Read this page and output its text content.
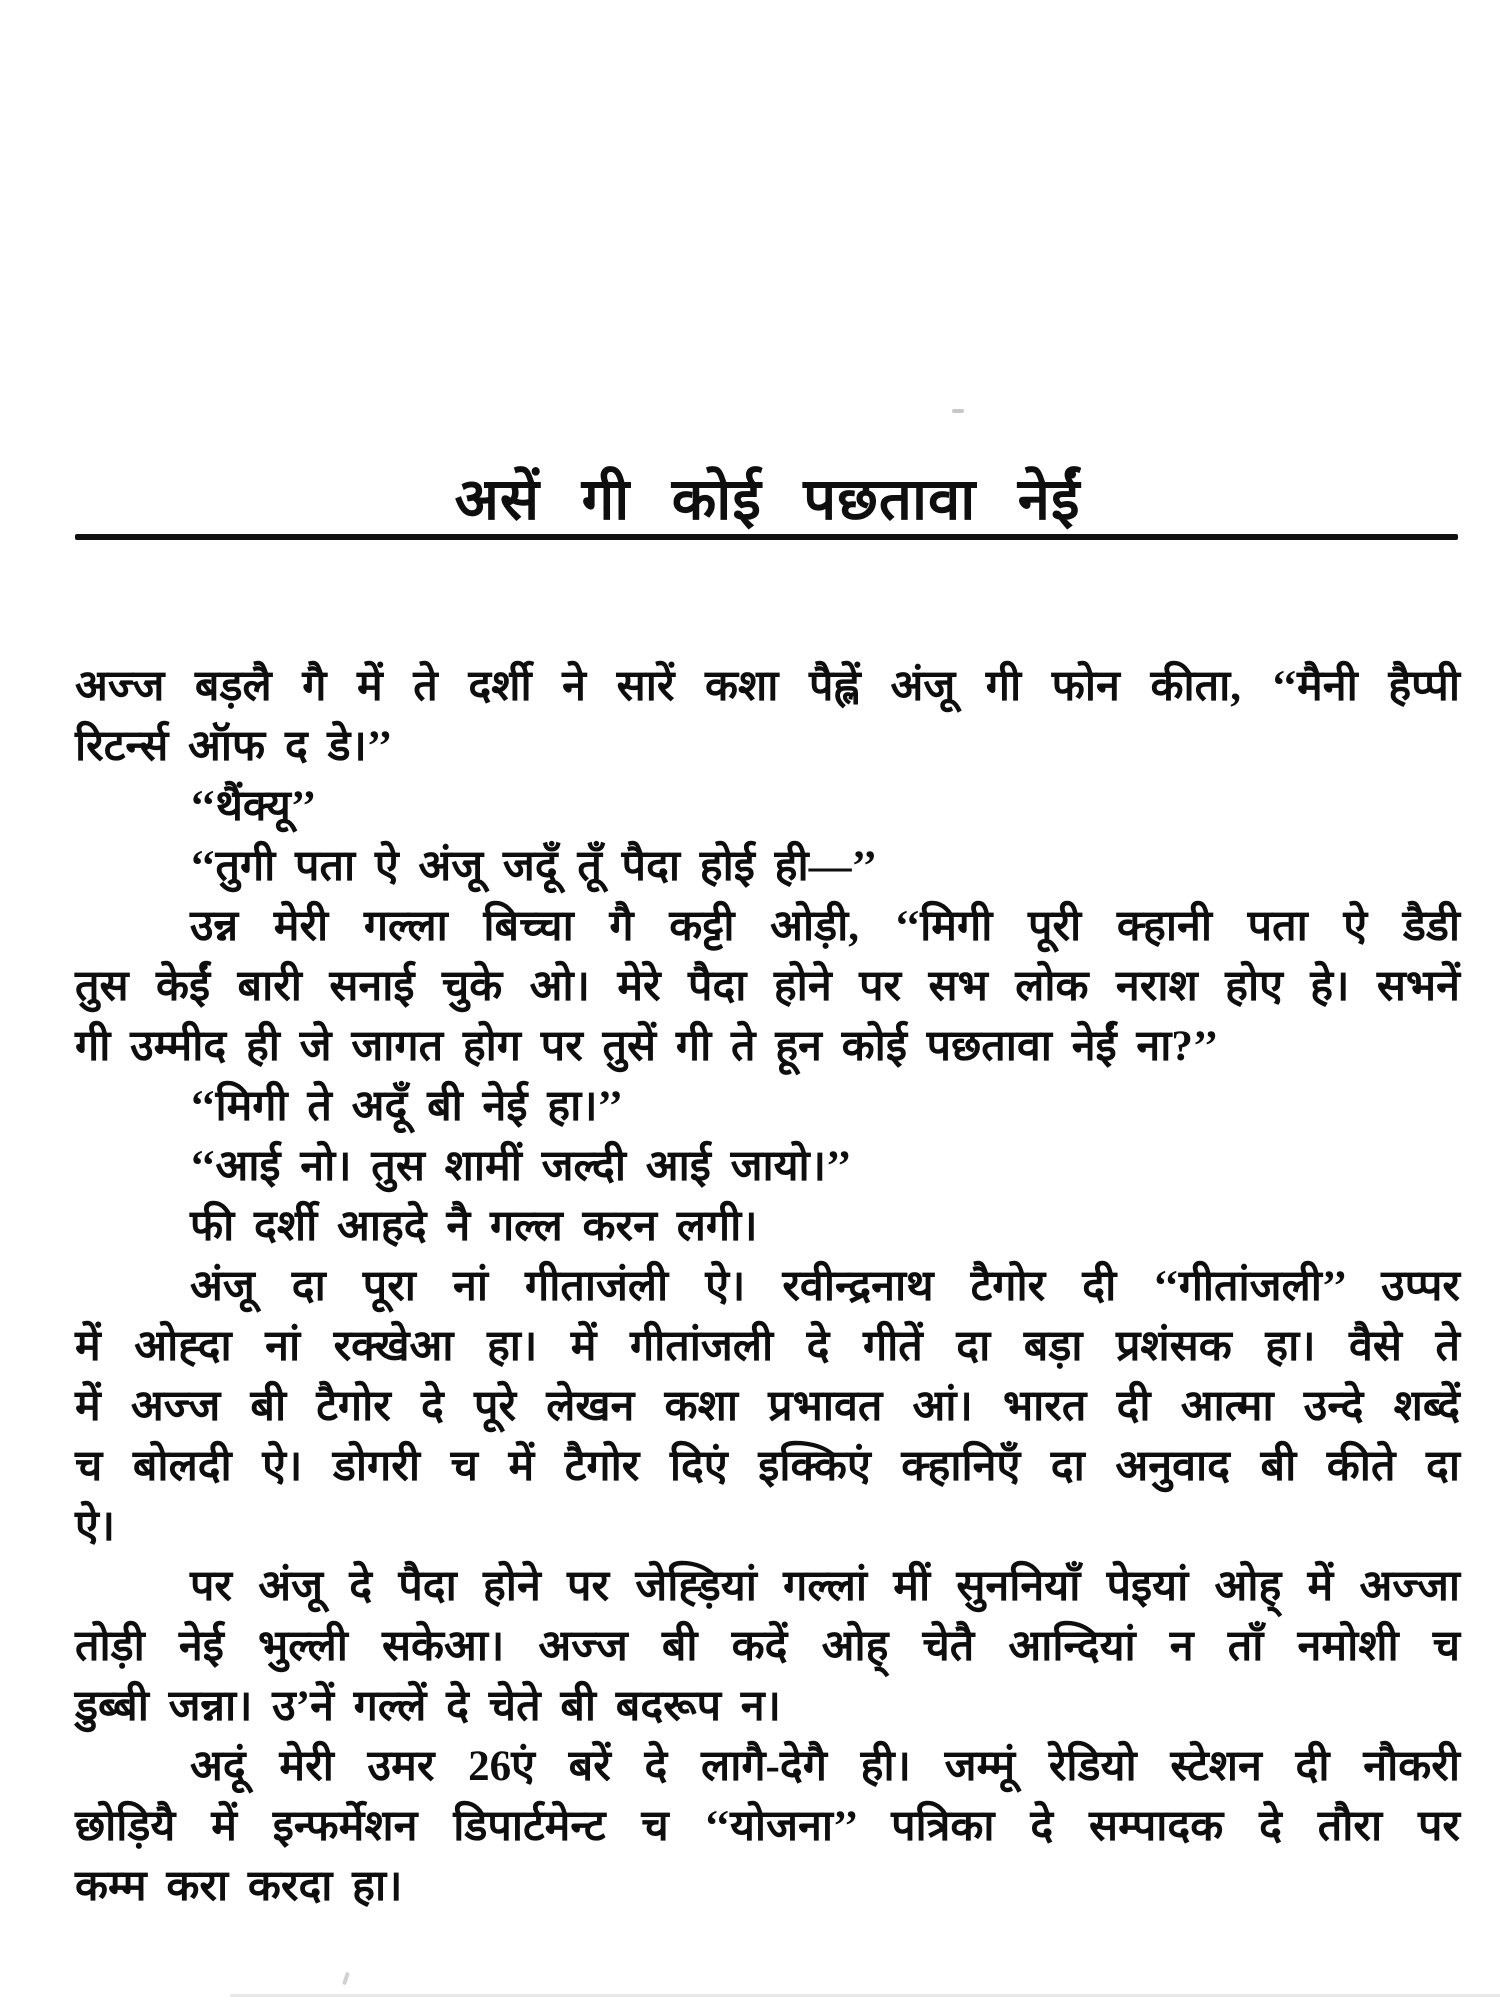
असें गी कोई पछतावा नेईं
अज्ज बड़लै गै में ते दर्शी ने सारें कशा पैह्लें अंजू गी फोन कीता, ‘‘मैनी हैप्पी
रिटर्न्स ऑफ द डे।’’
‘‘थैंक्यू’’
‘‘तुगी पता ऐ अंजू जदूँ तूँ पैदा होई ही—’’
उन्न मेरी गल्ला बिच्चा गै कट्टी ओड़ी, ‘‘मिगी पूरी क्हानी पता ऐ डैडी
तुस केईं बारी सनाई चुके ओ। मेरे पैदा होने पर सभ लोक नराश होए हे। सभनें
गी उम्मीद ही जे जागत होग पर तुसें गी ते हून कोई पछतावा नेईं ना?’’
‘‘मिगी ते अदूँ बी नेई हा।’’
‘‘आई नो। तुस शामीं जल्दी आई जायो।’’
फी दर्शी आहदे नै गल्ल करन लगी।
अंजू दा पूरा नां गीताजंली ऐ। रवीन्द्रनाथ टैगोर दी ‘‘गीतांजली’’ उप्पर
में ओह्दा नां रक्खेआ हा। में गीतांजली दे गीतें दा बड़ा प्रशंसक हा। वैसे ते
में अज्ज बी टैगोर दे पूरे लेखन कशा प्रभावत आं। भारत दी आत्मा उन्दे शब्दें
च बोलदी ऐ। डोगरी च में टैगोर दिएं इक्किएं क्हानिएँ दा अनुवाद बी कीते दा
ऐ।
पर अंजू दे पैदा होने पर जेह्ड़ियां गल्लां मीं सुननियाँ पेइयां ओह् में अज्जा
तोड़ी नेई भुल्ली सकेआ। अज्ज बी कदें ओह् चेतै आन्दियां न ताँ नमोशी च
डुब्बी जन्ना। उ’नें गल्लें दे चेते बी बदरूप न।
अदूं मेरी उमर 26एं बरें दे लागै-देगै ही। जम्मूं रेडियो स्टेशन दी नौकरी
छोड़ियै में इन्फर्मेशन डिपार्टमेन्ट च ‘‘योजना’’ पत्रिका दे सम्पादक दे तौरा पर
कम्म करा करदा हा।
